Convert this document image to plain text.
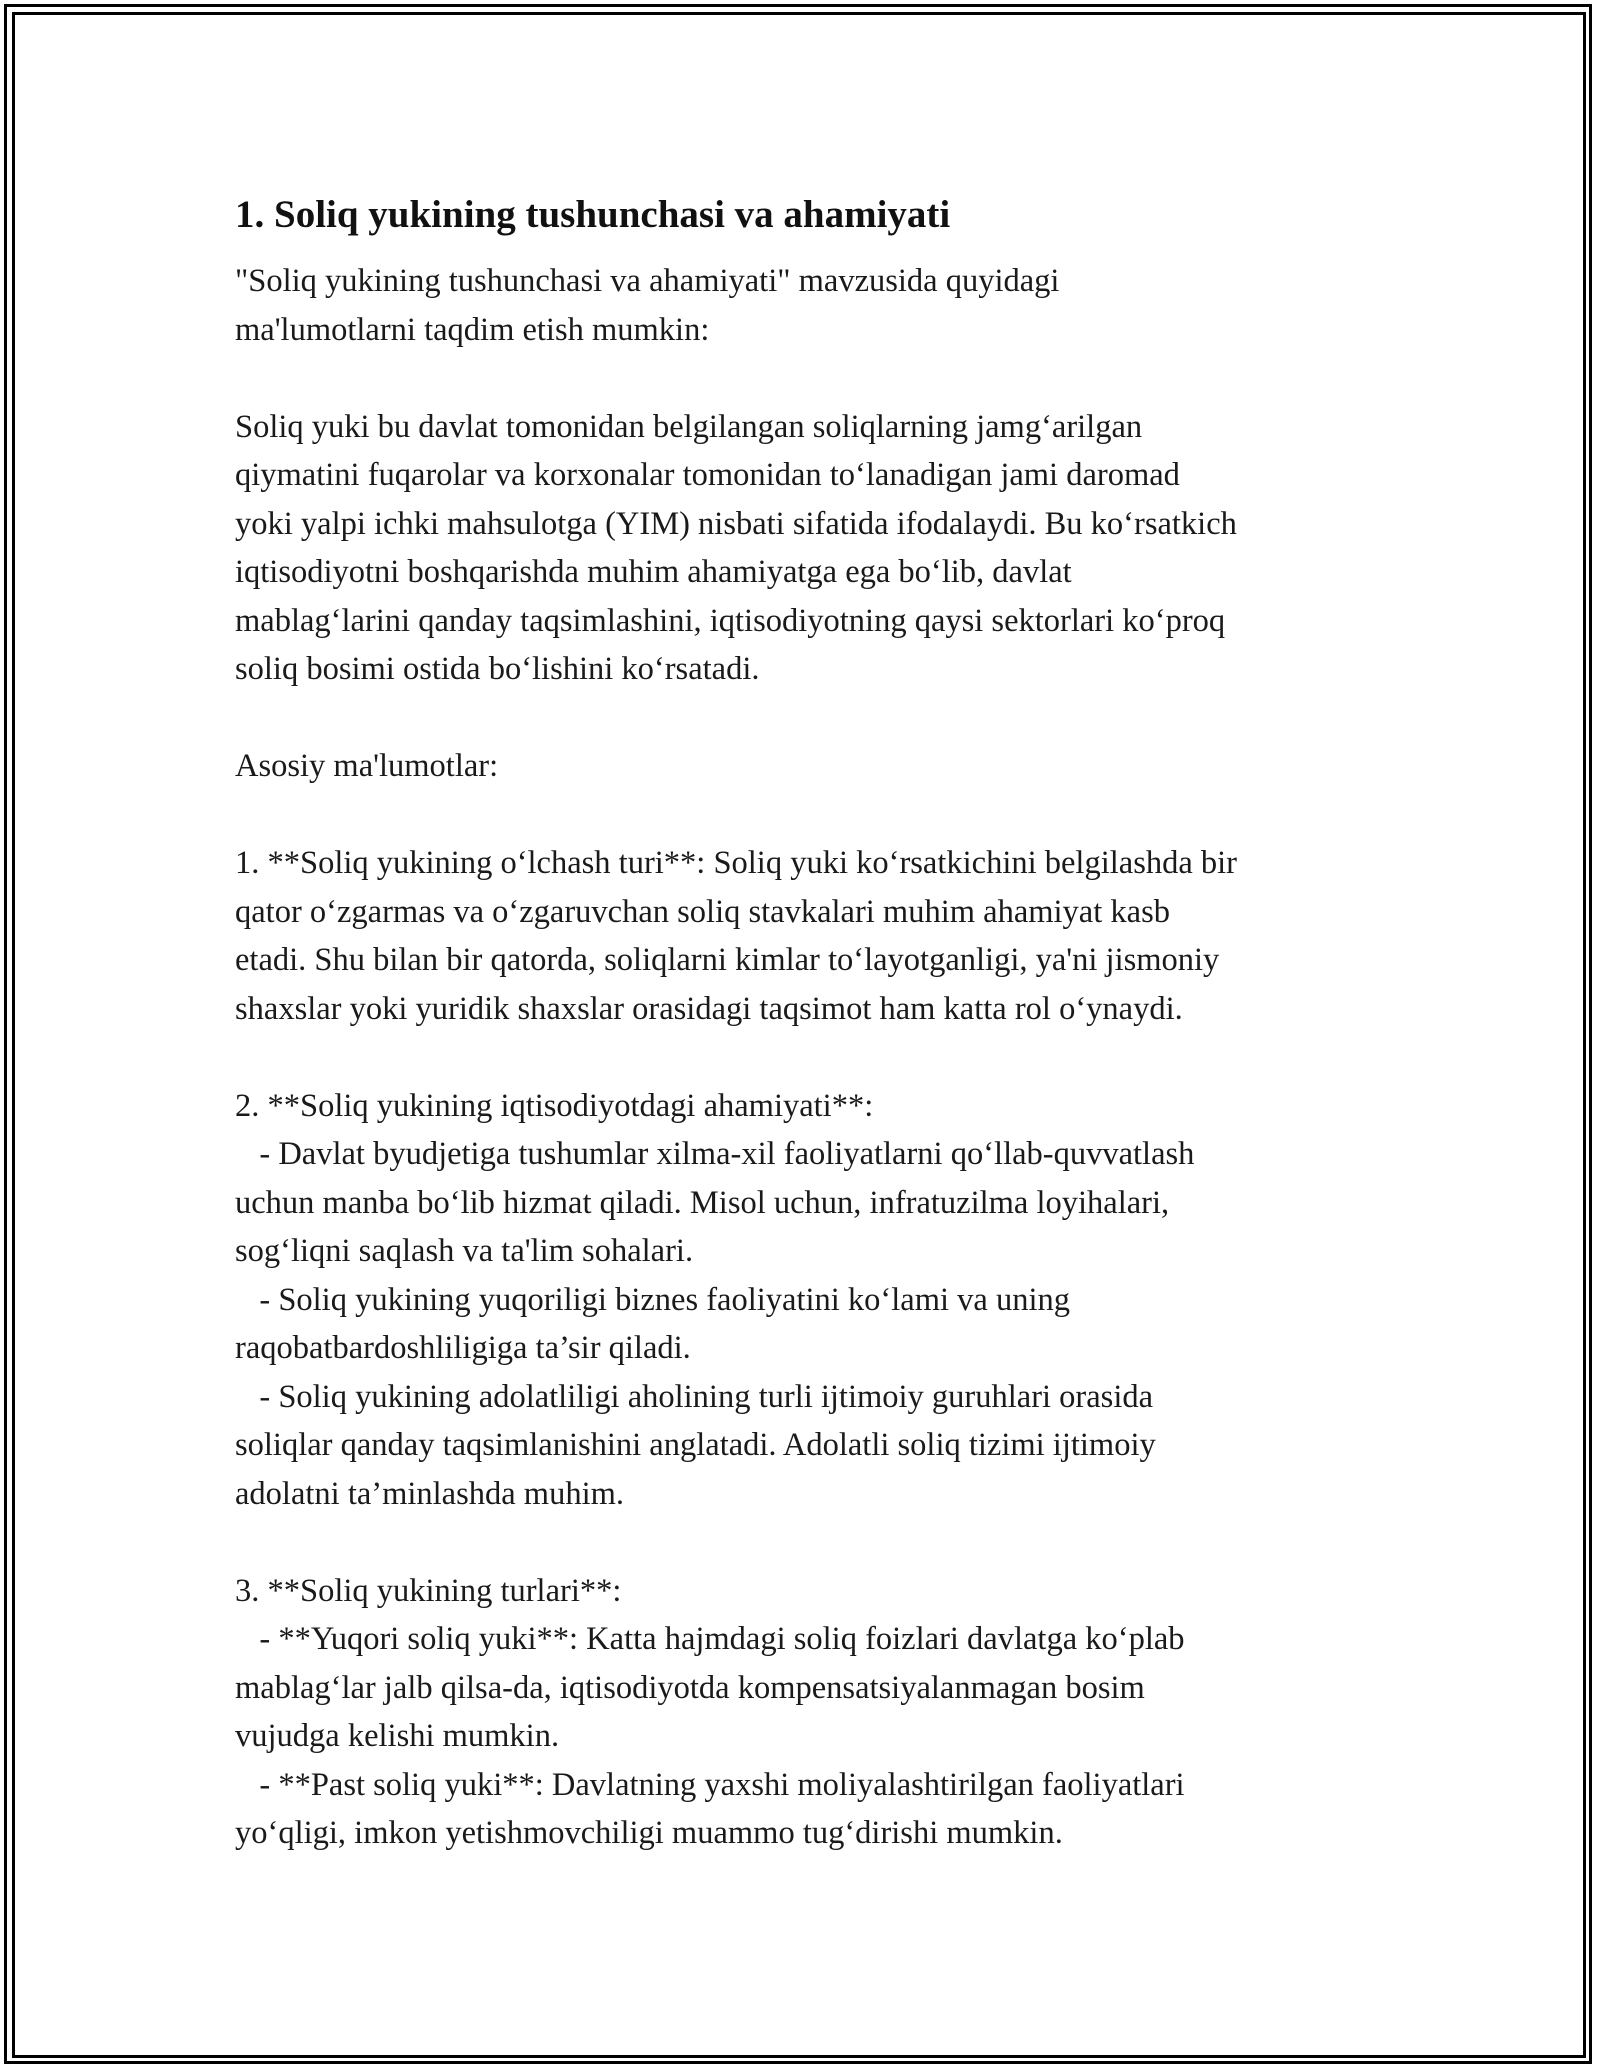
1. Soliq yukining tushunchasi va ahamiyati

"Soliq yukining tushunchasi va ahamiyati" mavzusida quyidagi
ma'lumotlarni taqdim etish mumkin:

Soliq yuki bu davlat tomonidan belgilangan soliqlarning jamg‘arilgan
qiymatini fuqarolar va korxonalar tomonidan to‘lanadigan jami daromad
yoki yalpi ichki mahsulotga (YIM) nisbati sifatida ifodalaydi. Bu ko‘rsatkich
iqtisodiyotni boshqarishda muhim ahamiyatga ega bo‘lib, davlat
mablag‘larini qanday taqsimlashini, iqtisodiyotning qaysi sektorlari ko‘proq
soliq bosimi ostida bo‘lishini ko‘rsatadi.

Asosiy ma'lumotlar:

1. **Soliq yukining o‘lchash turi**: Soliq yuki ko‘rsatkichini belgilashda bir
qator o‘zgarmas va o‘zgaruvchan soliq stavkalari muhim ahamiyat kasb
etadi. Shu bilan bir qatorda, soliqlarni kimlar to‘layotganligi, ya'ni jismoniy
shaxslar yoki yuridik shaxslar orasidagi taqsimot ham katta rol o‘ynaydi.

2. **Soliq yukining iqtisodiyotdagi ahamiyati**:
- Davlat byudjetiga tushumlar xilma-xil faoliyatlarni qo‘llab-quvvatlash
uchun manba bo‘lib hizmat qiladi. Misol uchun, infratuzilma loyihalari,
sog‘liqni saqlash va ta'lim sohalari.
- Soliq yukining yuqoriligi biznes faoliyatini ko‘lami va uning
raqobatbardoshliligiga ta’sir qiladi.
- Soliq yukining adolatliligi aholining turli ijtimoiy guruhlari orasida
soliqlar qanday taqsimlanishini anglatadi. Adolatli soliq tizimi ijtimoiy
adolatni ta’minlashda muhim.

3. **Soliq yukining turlari**:
- **Yuqori soliq yuki**: Katta hajmdagi soliq foizlari davlatga ko‘plab
mablag‘lar jalb qilsa-da, iqtisodiyotda kompensatsiyalanmagan bosim
vujudga kelishi mumkin.
- **Past soliq yuki**: Davlatning yaxshi moliyalashtirilgan faoliyatlari
yo‘qligi, imkon yetishmovchiligi muammo tug‘dirishi mumkin.
